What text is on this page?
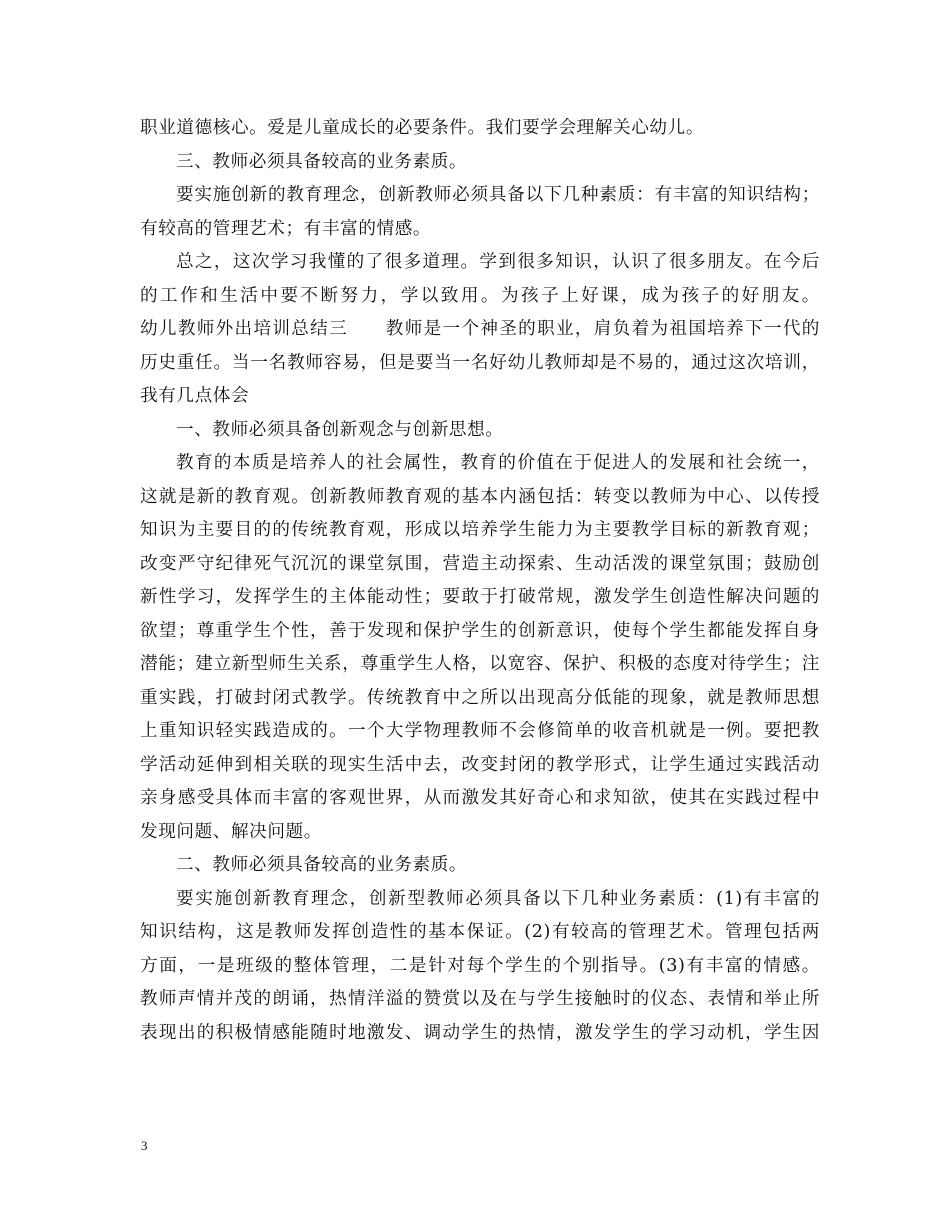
职业道德核心。爱是儿童成长的必要条件。我们要学会理解关心幼儿。
三、教师必须具备较高的业务素质。
要实施创新的教育理念，创新教师必须具备以下几种素质：有丰富的知识结构；
有较高的管理艺术；有丰富的情感。
总之，这次学习我懂的了很多道理。学到很多知识，认识了很多朋友。在今后
的工作和生活中要不断努力，学以致用。为孩子上好课，成为孩子的好朋友。
幼儿教师外出培训总结三　　教师是一个神圣的职业，肩负着为祖国培养下一代的
历史重任。当一名教师容易，但是要当一名好幼儿教师却是不易的，通过这次培训，
我有几点体会
一、教师必须具备创新观念与创新思想。
教育的本质是培养人的社会属性，教育的价值在于促进人的发展和社会统一，
这就是新的教育观。创新教师教育观的基本内涵包括：转变以教师为中心、以传授
知识为主要目的的传统教育观，形成以培养学生能力为主要教学目标的新教育观；
改变严守纪律死气沉沉的课堂氛围，营造主动探索、生动活泼的课堂氛围；鼓励创
新性学习，发挥学生的主体能动性；要敢于打破常规，激发学生创造性解决问题的
欲望；尊重学生个性，善于发现和保护学生的创新意识，使每个学生都能发挥自身
潜能；建立新型师生关系，尊重学生人格，以宽容、保护、积极的态度对待学生；注
重实践，打破封闭式教学。传统教育中之所以出现高分低能的现象，就是教师思想
上重知识轻实践造成的。一个大学物理教师不会修简单的收音机就是一例。要把教
学活动延伸到相关联的现实生活中去，改变封闭的教学形式，让学生通过实践活动
亲身感受具体而丰富的客观世界，从而激发其好奇心和求知欲，使其在实践过程中
发现问题、解决问题。
二、教师必须具备较高的业务素质。
要实施创新教育理念，创新型教师必须具备以下几种业务素质：(1)有丰富的
知识结构，这是教师发挥创造性的基本保证。(2)有较高的管理艺术。管理包括两
方面，一是班级的整体管理，二是针对每个学生的个别指导。(3)有丰富的情感。
教师声情并茂的朗诵，热情洋溢的赞赏以及在与学生接触时的仪态、表情和举止所
表现出的积极情感能随时地激发、调动学生的热情，激发学生的学习动机，学生因
3
